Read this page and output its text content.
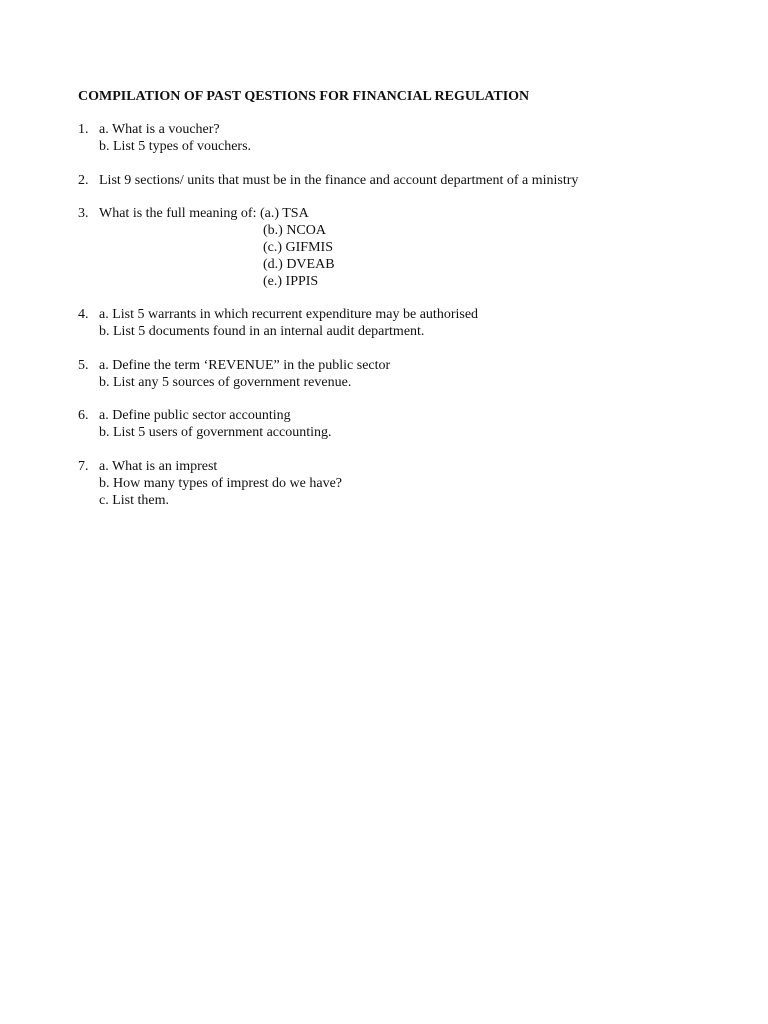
COMPILATION OF PAST QESTIONS FOR FINANCIAL REGULATION
1. a. What is a voucher?
b. List 5 types of vouchers.
2. List 9 sections/ units that must be in the finance and account department of a ministry
3. What is the full meaning of: (a.) TSA
(b.) NCOA
(c.) GIFMIS
(d.) DVEAB
(e.) IPPIS
4. a. List 5 warrants in which recurrent expenditure may be authorised
b. List 5 documents found in an internal audit department.
5. a. Define the term ‘REVENUE” in the public sector
b. List any 5 sources of government revenue.
6. a. Define public sector accounting
b. List 5 users of government accounting.
7. a. What is an imprest
b. How many types of imprest do we have?
c. List them.
